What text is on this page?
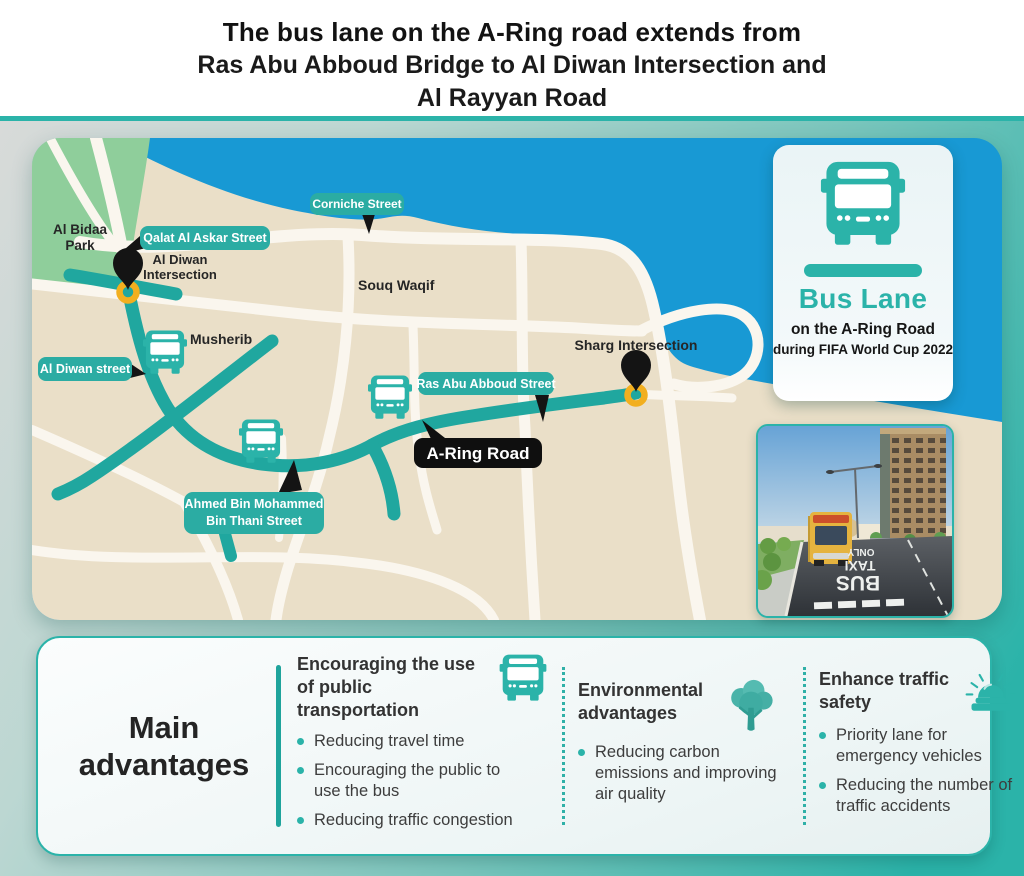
The bus lane on the A-Ring road extends from
Ras Abu Abboud Bridge to Al Diwan Intersection and
Al Rayyan Road
Qalat Al Askar Street
Corniche Street
Al Diwan street
Ras Abu Abboud Street
Ahmed Bin Mohammed
Bin Thani Street
A-Ring Road
Al Bidaa
Park
Al Diwan
Intersection
Souq Waqif
Musherib	Sharg Intersection
Bus Lane
on the A-Ring Road
during FIFA World Cup 2022
BUS
TAXI
ONLY
Main
advantages
Encouraging the use of public transportation
Reducing travel time
Encouraging the public to use the bus
Reducing traffic congestion
Environmental advantages
Reducing carbon emissions and improving air quality
Enhance traffic safety
Priority lane for emergency vehicles
Reducing the number of traffic accidents
